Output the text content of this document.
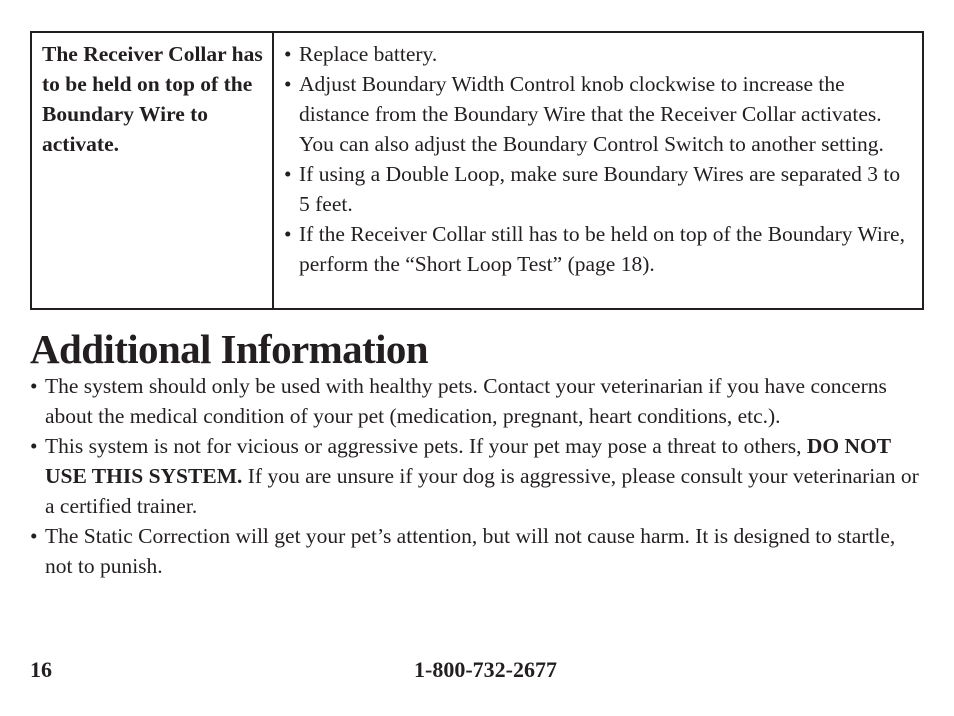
The Receiver Collar has to be held on top of the Boundary Wire to activate.
• Replace battery.
• Adjust Boundary Width Control knob clockwise to increase the distance from the Boundary Wire that the Receiver Collar activates. You can also adjust the Boundary Control Switch to another setting.
• If using a Double Loop, make sure Boundary Wires are separated 3 to 5 feet.
• If the Receiver Collar still has to be held on top of the Boundary Wire, perform the “Short Loop Test” (page 18).
Additional Information
• The system should only be used with healthy pets. Contact your veterinarian if you have concerns about the medical condition of your pet (medication, pregnant, heart conditions, etc.).
• This system is not for vicious or aggressive pets. If your pet may pose a threat to others, DO NOT USE THIS SYSTEM. If you are unsure if your dog is aggressive, please consult your veterinarian or a certified trainer.
• The Static Correction will get your pet’s attention, but will not cause harm. It is designed to startle, not to punish.
16	1-800-732-2677
